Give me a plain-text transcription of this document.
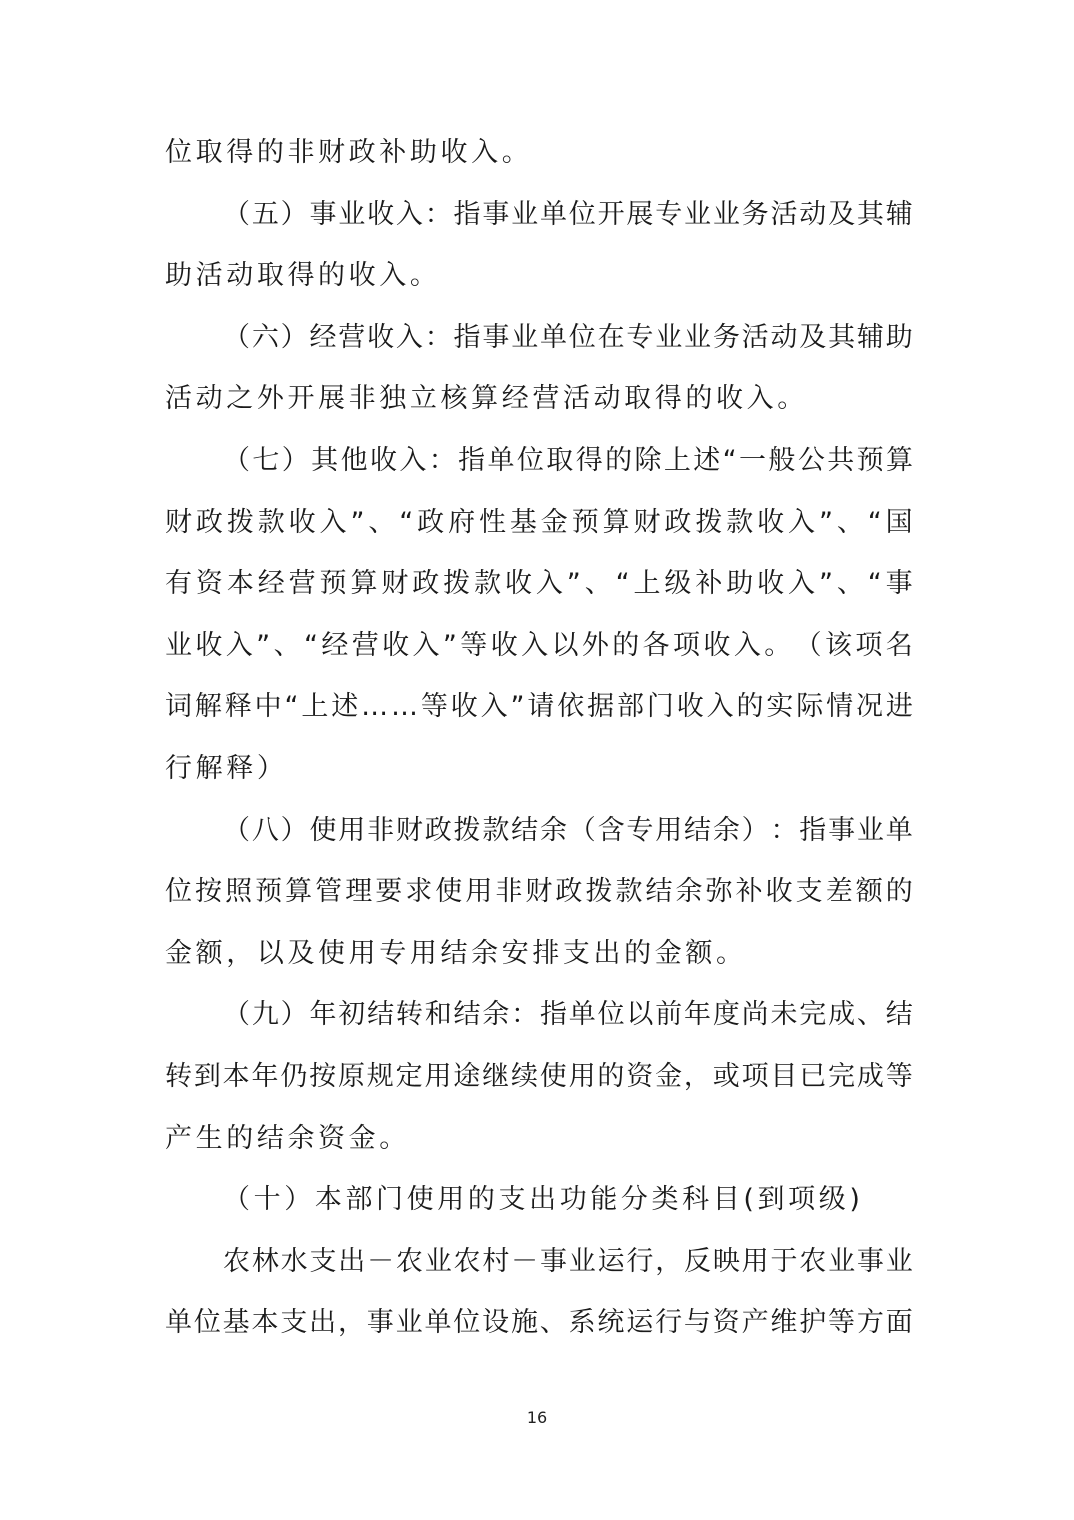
位 取 得 的 非 财 政 补 助 收 入 。
（ 五 ） 事 业 收 入 ： 指 事 业 单 位 开 展 专 业 业 务 活 动 及 其 辅
助 活 动 取 得 的 收 入 。
（ 六 ） 经 营 收 入 ： 指 事 业 单 位 在 专 业 业 务 活 动 及 其 辅 助
活 动 之 外 开 展 非 独 立 核 算 经 营 活 动 取 得 的 收 入 。
（ 七 ） 其 他 收 入 ： 指 单 位 取 得 的 除 上 述 “ 一 般 公 共 预 算
财 政 拨 款 收 入 ” 、 “ 政 府 性 基 金 预 算 财 政 拨 款 收 入 ” 、 “ 国
有 资 本 经 营 预 算 财 政 拨 款 收 入 ” 、 “ 上 级 补 助 收 入 ” 、 “ 事
业 收 入 ” 、 “ 经 营 收 入 ” 等 收 入 以 外 的 各 项 收 入 。 （ 该 项 名
词 解 释 中 “ 上 述 … … 等 收 入 ” 请 依 据 部 门 收 入 的 实 际 情 况 进
行 解 释 ）
（ 八 ） 使 用 非 财 政 拨 款 结 余 （ 含 专 用 结 余 ） ： 指 事 业 单
位 按 照 预 算 管 理 要 求 使 用 非 财 政 拨 款 结 余 弥 补 收 支 差 额 的
金 额 ， 以 及 使 用 专 用 结 余 安 排 支 出 的 金 额 。
（ 九 ） 年 初 结 转 和 结 余 ： 指 单 位 以 前 年 度 尚 未 完 成 、 结
转 到 本 年 仍 按 原 规 定 用 途 继 续 使 用 的 资 金 ， 或 项 目 已 完 成 等
产 生 的 结 余 资 金 。
（ 十 ） 本 部 门 使 用 的 支 出 功 能 分 类 科 目 ( 到 项 级 )
农 林 水 支 出 － 农 业 农 村 － 事 业 运 行 ， 反 映 用 于 农 业 事 业
单 位 基 本 支 出 ， 事 业 单 位 设 施 、 系 统 运 行 与 资 产 维 护 等 方 面
16
